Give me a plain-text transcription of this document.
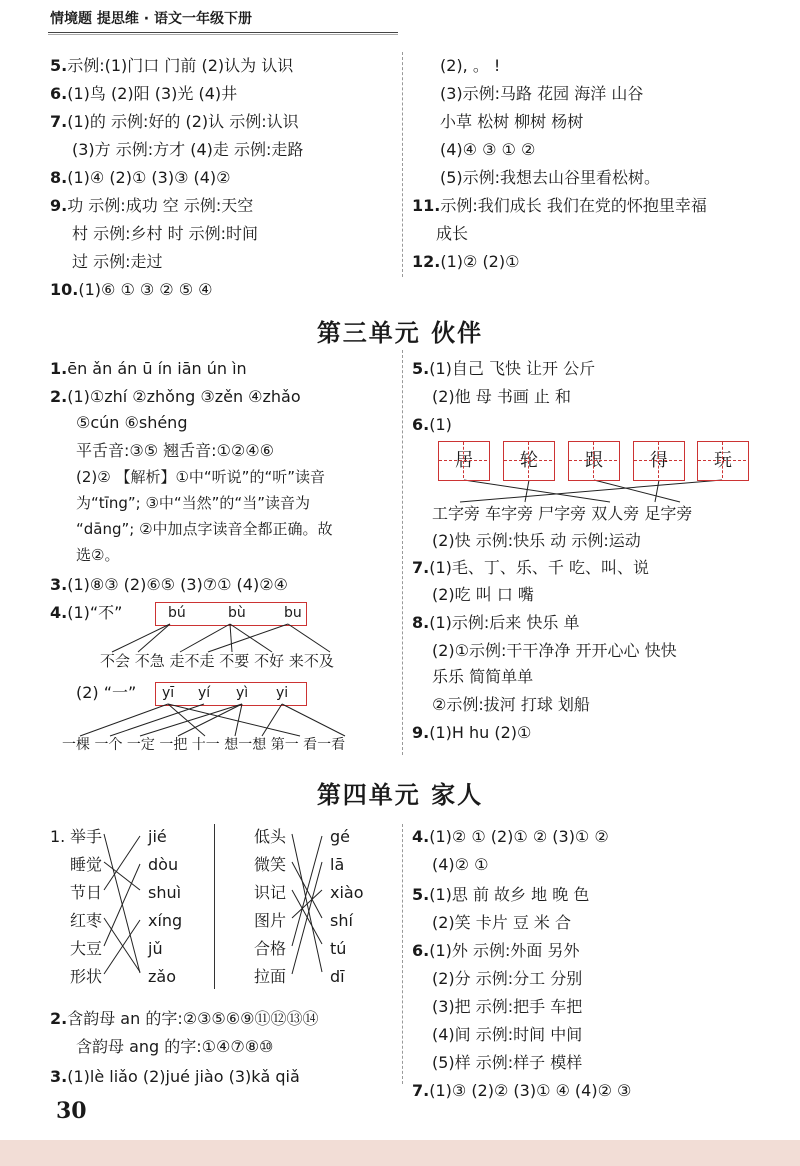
情境题 提思维 · 语文一年级下册
5.示例:(1)门口 门前 (2)认为 认识
6.(1)鸟 (2)阳 (3)光 (4)井
7.(1)的 示例:好的 (2)认 示例:认识
(3)方 示例:方才 (4)走 示例:走路
8.(1)④ (2)① (3)③ (4)②
9.功 示例:成功 空 示例:天空
村 示例:乡村 时 示例:时间
过 示例:走过
10.(1)⑥ ① ③ ② ⑤ ④
(2), 。 !
(3)示例:马路 花园 海洋 山谷
小草 松树 柳树 杨树
(4)④ ③ ① ②
(5)示例:我想去山谷里看松树。
11.示例:我们成长 我们在党的怀抱里幸福
成长
12.(1)② (2)①
第三单元 伙伴
1.ēn ǎn án ū ín iān ún ìn
2.(1)①zhí ②zhǒng ③zěn ④zhǎo
⑤cún ⑥shéng
平舌音:③⑤ 翘舌音:①②④⑥
(2)② 【解析】①中“听说”的“听”读音
为“tīng”; ③中“当然”的“当”读音为
“dāng”; ②中加点字读音全都正确。故
选②。
3.(1)⑧③ (2)⑥⑤ (3)⑦① (4)②④
4.(1)“不”	bú	bù	bu
不会 不急 走不走 不要 不好 来不及
(2) “一” yī yí yì yi
一棵 一个 一定 一把 十一 想一想 第一 看一看
5.(1)自己 飞快 让开 公斤
(2)他 母 书画 止 和
6.(1)
居	轮	跟	得	玩
工字旁 车字旁 尸字旁 双人旁 足字旁
(2)快 示例:快乐 动 示例:运动
7.(1)毛、丁、乐、千 吃、叫、说
(2)吃 叫 口 嘴
8.(1)示例:后来 快乐 单
(2)①示例:干干净净 开开心心 快快
乐乐 简简单单
②示例:拔河 打球 划船
9.(1)H hu (2)①
第四单元 家人
1. 举手
睡觉
节日
红枣
大豆
形状
jié
dòu
shuì
xíng
jǔ
zǎo
低头
微笑
识记
图片
合格
拉面
gé
lā
xiào
shí
tú
dī
2.含韵母 an 的字:②③⑤⑥⑨⑪⑫⑬⑭
含韵母 ang 的字:①④⑦⑧⑩
3.(1)lè liǎo (2)jué jiào (3)kǎ qiǎ
4.(1)② ① (2)① ② (3)① ②
(4)② ①
5.(1)思 前 故乡 地 晚 色
(2)笑 卡片 豆 米 合
6.(1)外 示例:外面 另外
(2)分 示例:分工 分别
(3)把 示例:把手 车把
(4)间 示例:时间 中间
(5)样 示例:样子 模样
7.(1)③ (2)② (3)① ④ (4)② ③
30
